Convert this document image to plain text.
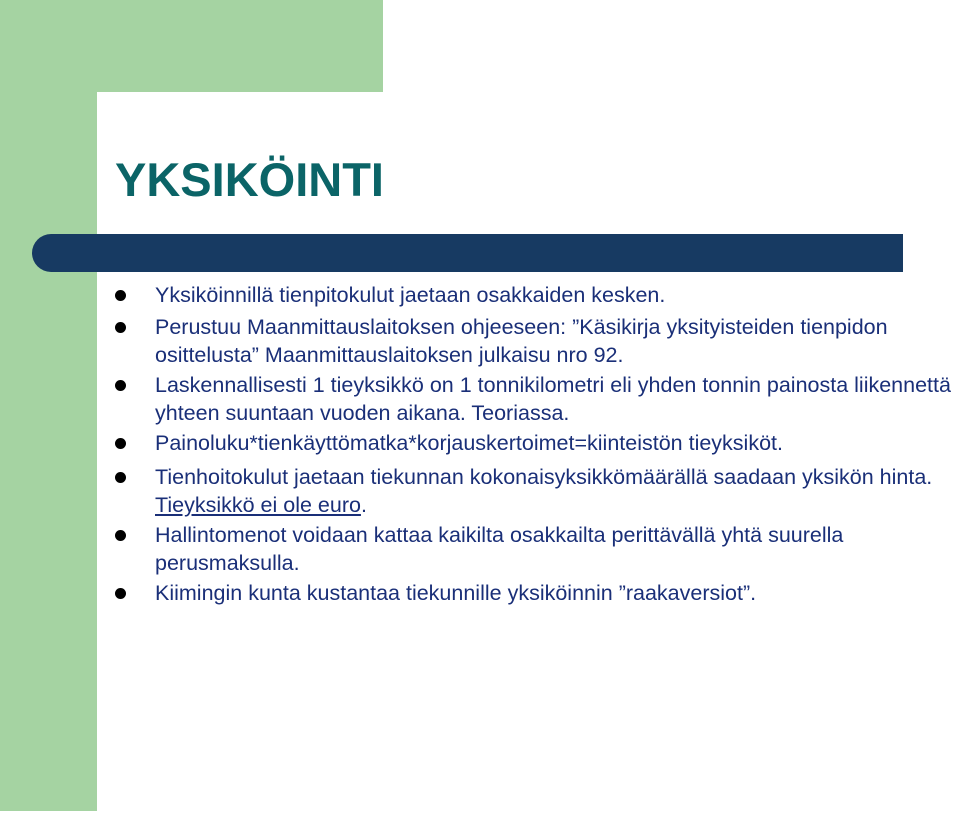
YKSIKÖINTI
Yksiköinnillä tienpitokulut jaetaan osakkaiden kesken.
Perustuu Maanmittauslaitoksen ohjeeseen: ”Käsikirja yksityisteiden tienpidon osittelusta” Maanmittauslaitoksen julkaisu nro 92.
Laskennallisesti 1 tieyksikkö on 1 tonnikilometri eli yhden tonnin painosta liikennettä yhteen suuntaan vuoden aikana. Teoriassa.
Painoluku*tienkäyttömatka*korjauskertoimet=kiinteistön tieyksiköt.
Tienhoitokulut jaetaan tiekunnan kokonaisyksikkömäärällä saadaan yksikön hinta. Tieyksikkö ei ole euro.
Hallintomenot voidaan kattaa kaikilta osakkailta perittävällä yhtä suurella perusmaksulla.
Kiimingin kunta kustantaa tiekunnille yksiköinnin ”raakaversiot”.
